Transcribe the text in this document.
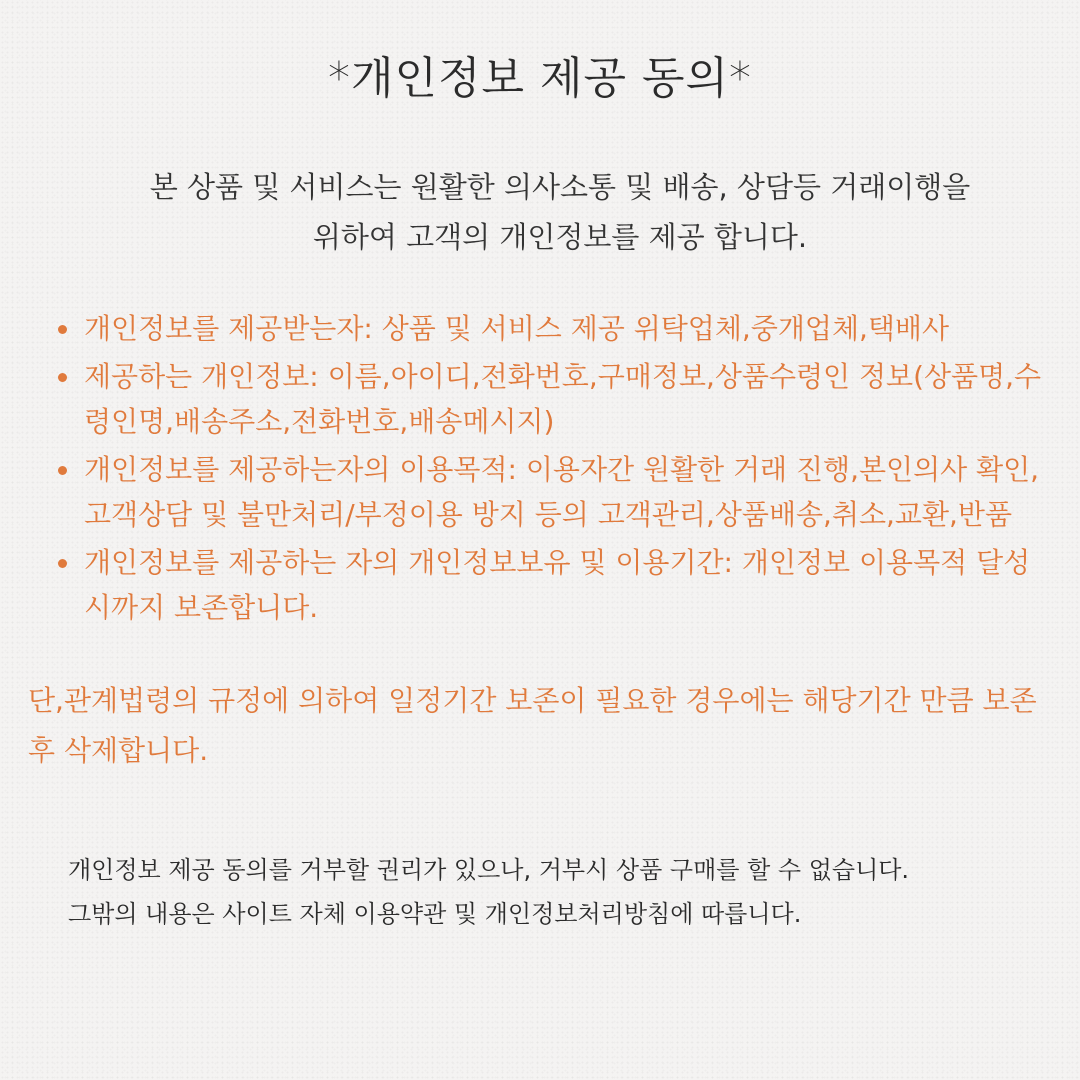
*개인정보 제공 동의*
본 상품 및 서비스는 원활한 의사소통 및 배송, 상담등 거래이행을
위하여 고객의 개인정보를 제공 합니다.
개인정보를 제공받는자: 상품 및 서비스 제공 위탁업체,중개업체,택배사
제공하는 개인정보: 이름,아이디,전화번호,구매정보,상품수령인 정보(상품명,수령인명,배송주소,전화번호,배송메시지)
개인정보를 제공하는자의 이용목적: 이용자간 원활한 거래 진행,본인의사 확인, 고객상담 및 불만처리/부정이용 방지 등의 고객관리,상품배송,취소,교환,반품
개인정보를 제공하는 자의 개인정보보유 및 이용기간: 개인정보 이용목적 달성시까지 보존합니다.
단,관계법령의 규정에 의하여 일정기간 보존이 필요한 경우에는 해당기간 만큼 보존 후 삭제합니다.
개인정보 제공 동의를 거부할 권리가 있으나, 거부시 상품 구매를 할 수 없습니다.
그밖의 내용은 사이트 자체 이용약관 및 개인정보처리방침에 따릅니다.
